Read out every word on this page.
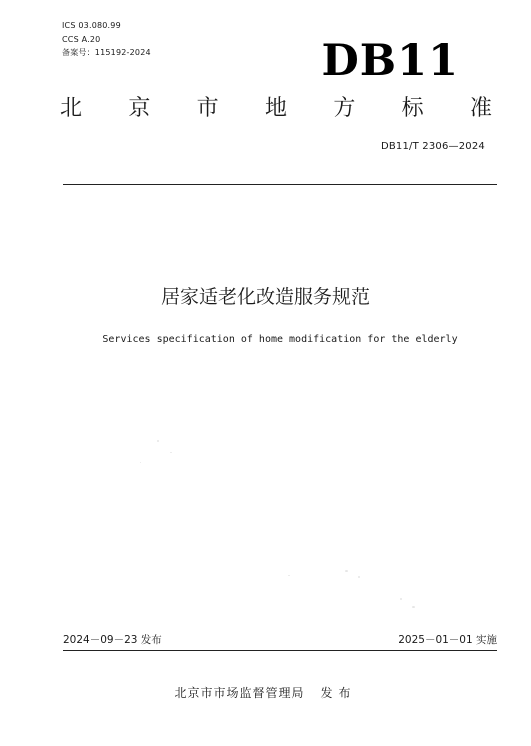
ICS 03.080.99
CCS A.20
备案号：115192-2024	DB11
北 京 市 地 方 标 准
DB11/T 2306—2024
居家适老化改造服务规范
Services specification of home modification for the elderly
2024－09－23 发布	2025－01－01 实施
北京市市场监督管理局 发布
